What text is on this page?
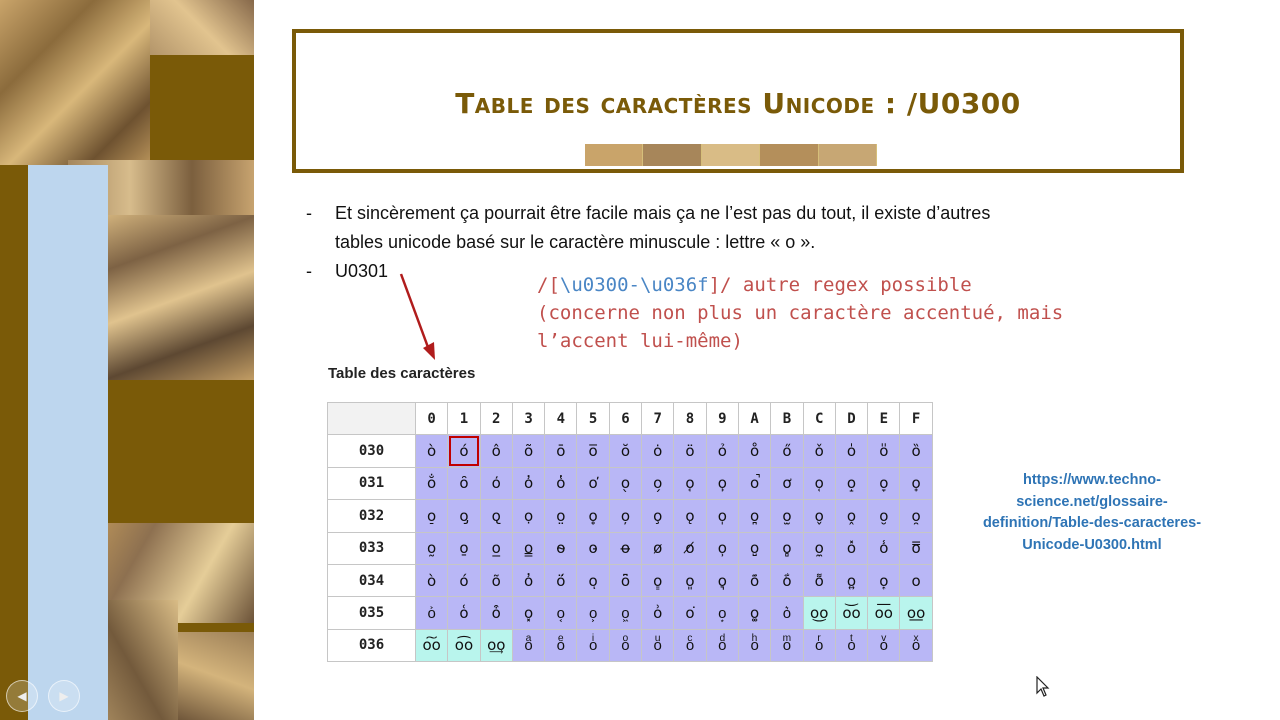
◀	▶
Table des caractères Unicode : /U0300
- Et sincèrement ça pourrait être facile mais ça ne l’est pas du tout, il existe d’autres
tables unicode basé sur le caractère minuscule : lettre « o ».
- U0301
/[\u0300-\u036f]/ autre regex possible
(concerne non plus un caractère accentué, mais
l’accent lui-même)
Table des caractères
	0	1	2	3	4	5	6	7	8	9	A	B	C	D	E	F
030	ò	ó	ô	õ	ō	o̅	ŏ	ȯ	ö	ỏ	o̊	ő	ǒ	o̍	o̎	ȍ
031	o̐	ȏ	o̒	o̓	o̔	o̕	o̖	o̗	o̘	o̙	o̚	ơ	o̜	o̝	o̞	o̟
032	o̠	o̡	o̢	ọ	o̤	o̥	o̦	o̧	ǫ	o̩	o̪	o̫	o̬	o̭	o̮	o̯
033	o̰	o̱	o̲	o̳	o̴	o̵	o̶	o̷	o̸	o̹	o̺	o̻	o̼	o̽	o̾	o̿
034	ò	ó	o͂	o̓	ö́	oͅ	o͆	o͇	o͈	o͉	o͊	o͋	o͌	o͍	o͎	o͏
035	o͐	o͑	o͒	o͓	o͔	o͕	o͖	o͗	o͘	o͙	o͚	o͛	o͜o	o͝o	o͞o	o͟o
036	o͠o	o͡o	o͢o	oͣ	oͤ	oͥ	oͦ	oͧ	oͨ	oͩ	oͪ	oͫ	oͬ	oͭ	oͮ	oͯ
https://www.techno-
science.net/glossaire-
definition/Table-des-caracteres-
Unicode-U0300.html
